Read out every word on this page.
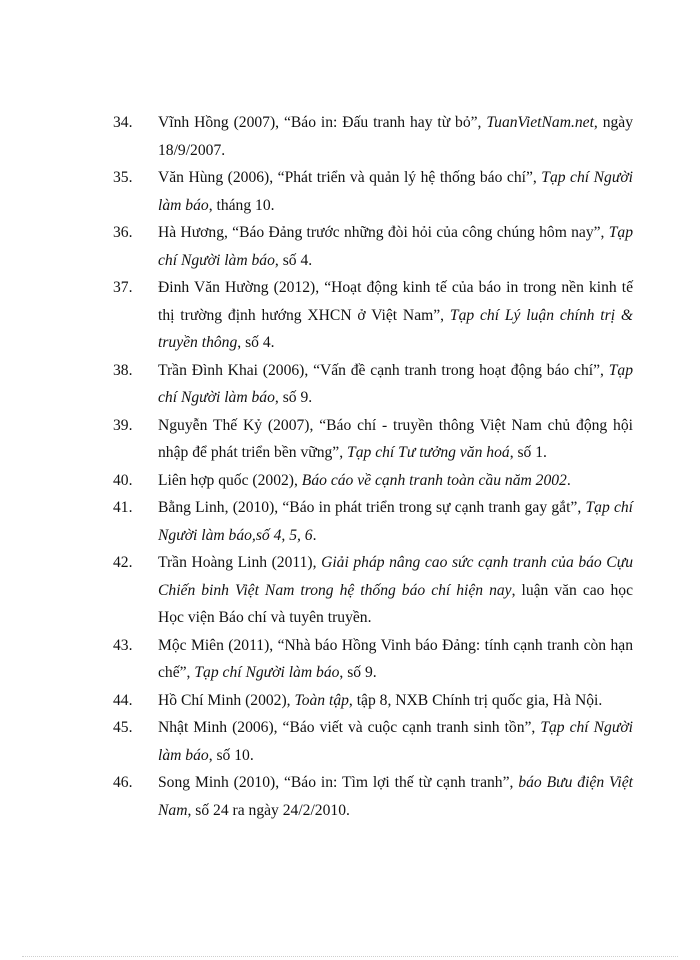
34. Vĩnh Hồng (2007), “Báo in: Đấu tranh hay từ bỏ”, TuanVietNam.net, ngày 18/9/2007.
35. Văn Hùng (2006), “Phát triển và quản lý hệ thống báo chí”, Tạp chí Người làm báo, tháng 10.
36. Hà Hương, “Báo Đảng trước những đòi hỏi của công chúng hôm nay”, Tạp chí Người làm báo, số 4.
37. Đinh Văn Hường (2012), “Hoạt động kinh tế của báo in trong nền kinh tế thị trường định hướng XHCN ở Việt Nam”, Tạp chí Lý luận chính trị & truyền thông, số 4.
38. Trần Đình Khai (2006), “Vấn đề cạnh tranh trong hoạt động báo chí”, Tạp chí Người làm báo, số 9.
39. Nguyễn Thế Kỷ (2007), “Báo chí - truyền thông Việt Nam chủ động hội nhập để phát triển bền vững”, Tạp chí Tư tưởng văn hoá, số 1.
40. Liên hợp quốc (2002), Báo cáo về cạnh tranh toàn cầu năm 2002.
41. Bằng Linh, (2010), “Báo in phát triển trong sự cạnh tranh gay gắt”, Tạp chí Người làm báo,số 4, 5, 6.
42. Trần Hoàng Linh (2011), Giải pháp nâng cao sức cạnh tranh của báo Cựu Chiến binh Việt Nam trong hệ thống báo chí hiện nay, luận văn cao học Học viện Báo chí và tuyên truyền.
43. Mộc Miên (2011), “Nhà báo Hồng Vinh báo Đảng: tính cạnh tranh còn hạn chế”, Tạp chí Người làm báo, số 9.
44. Hồ Chí Minh (2002), Toàn tập, tập 8, NXB Chính trị quốc gia, Hà Nội.
45. Nhật Minh (2006), “Báo viết và cuộc cạnh tranh sinh tồn”, Tạp chí Người làm báo, số 10.
46. Song Minh (2010), “Báo in: Tìm lợi thế từ cạnh tranh”, báo Bưu điện Việt Nam, số 24 ra ngày 24/2/2010.
